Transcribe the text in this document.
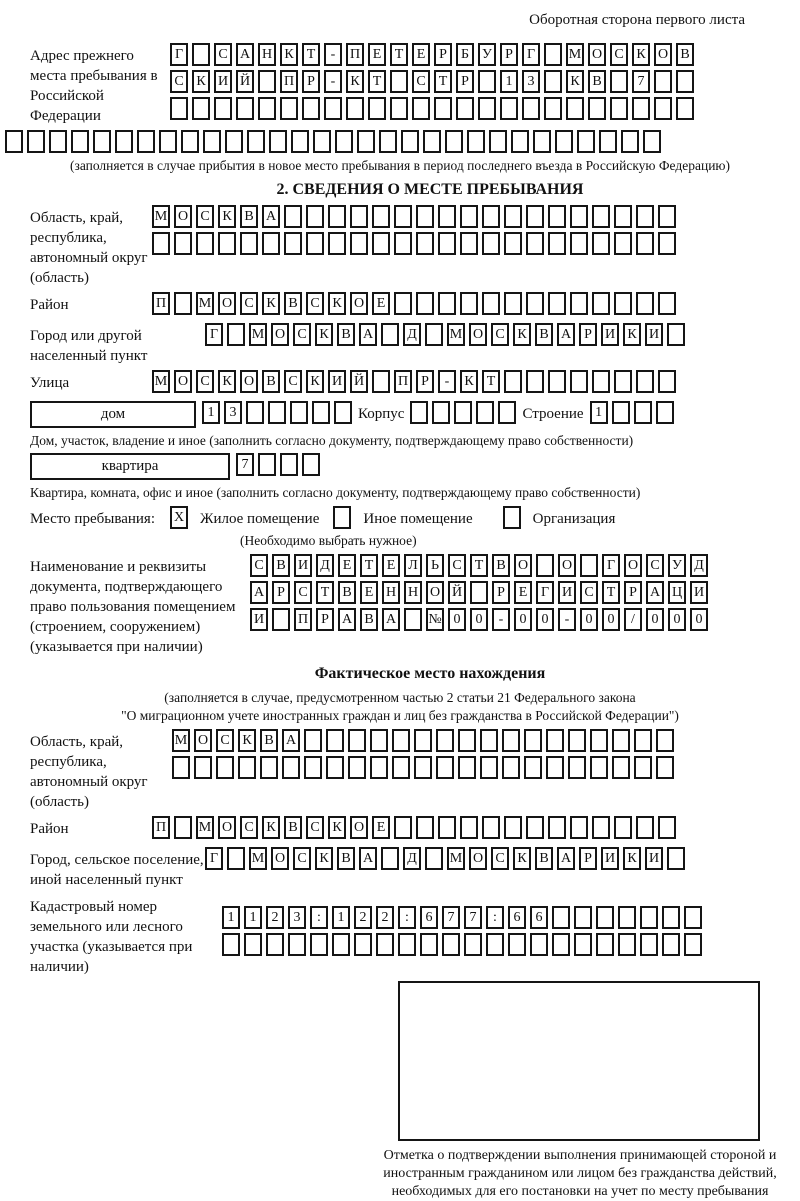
Оборотная сторона первого листа
Адрес прежнего места пребывания в Российской Федерации
Г	С А Н К Т - П Е Т Е Р Б У Р Г М О С К О В
С К И Й П Р - К Т	С Т Р	1 3	К В	7
(заполняется в случае прибытия в новое место пребывания в период последнего въезда в Российскую Федерацию)
2. СВЕДЕНИЯ О МЕСТЕ ПРЕБЫВАНИЯ
Область, край, республика, автономный округ (область)
М О С К В А
Район	П М О С К В С К О Е
Город или другой населенный пункт
Г М О С К В А Д М О С К В А Р И К И
Улица	М О С К О В С К И Й П Р - К Т
дом	1 3	Корпус	Строение 1
Дом, участок, владение и иное (заполнить согласно документу, подтверждающему право собственности)
квартира	7
Квартира, комната, офис и иное (заполнить согласно документу, подтверждающему право собственности)
Место пребывания:	X	Жилое помещение	Иное помещение	Организация
(Необходимо выбрать нужное)
Наименование и реквизиты документа, подтверждающего право пользования помещением (строением, сооружением) (указывается при наличии)
С В И Д Е Т Е Л Ь С Т В О О Г О С У Д
А Р С Т В Е Н Н О Й	Р Е Г И С Т Р А Ц И
И П Р А В А № 0 0 - 0 0 - 0 0 / 0 0 0
Фактическое место нахождения
(заполняется в случае, предусмотренном частью 2 статьи 21 Федерального закона
"О миграционном учете иностранных граждан и лиц без гражданства в Российской Федерации")
Область, край, республика, автономный округ (область)
М О С К В А
Район	П М О С К В С К О Е
Город, сельское поселение, иной населенный пункт
Г М О С К В А Д М О С К В А Р И К И
Кадастровый номер земельного или лесного участка (указывается при наличии)
1 1 2 3 : 1 2 2 : 6 7 7 : 6 6
Отметка о подтверждении выполнения принимающей стороной и иностранным гражданином или лицом без гражданства действий, необходимых для его постановки на учет по месту пребывания
